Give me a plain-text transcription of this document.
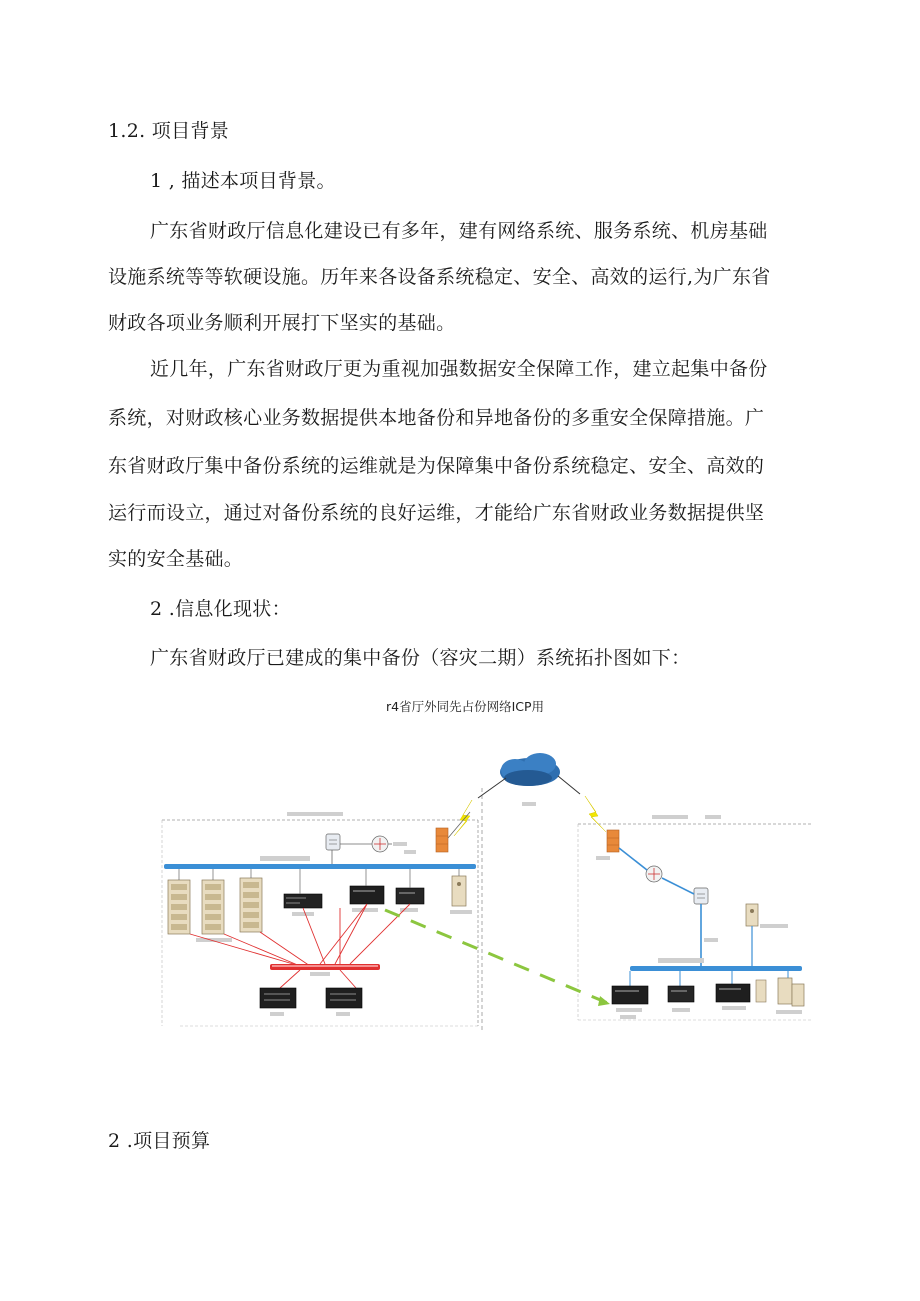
1.2. 项目背景
1 , 描述本项目背景。
广东省财政厅信息化建设已有多年，建有网络系统、服务系统、机房基础
设施系统等等软硬设施。历年来各设备系统稳定、安全、高效的运行,为广东省
财政各项业务顺利开展打下坚实的基础。
近几年，广东省财政厅更为重视加强数据安全保障工作，建立起集中备份
系统，对财政核心业务数据提供本地备份和异地备份的多重安全保障措施。广
东省财政厅集中备份系统的运维就是为保障集中备份系统稳定、安全、高效的
运行而设立，通过对备份系统的良好运维，才能给广东省财政业务数据提供坚
实的安全基础。
2 .信息化现状：
广东省财政厅已建成的集中备份（容灾二期）系统拓扑图如下：
r4省厅外同先占份网络ICP用
2 .项目预算
